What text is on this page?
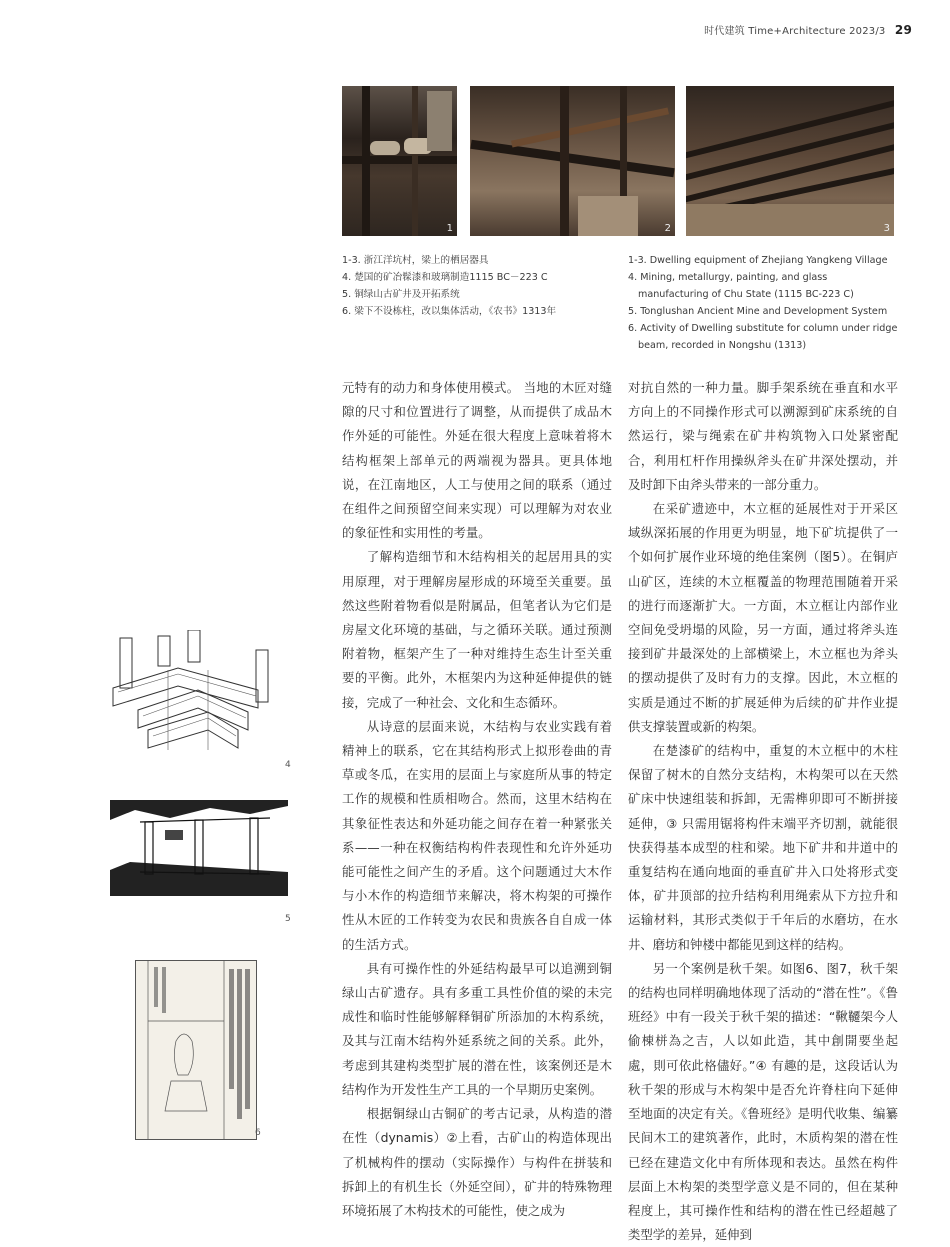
时代建筑 Time+Architecture 2023/3 29
1	2	3
1-3. 浙江洋坑村，梁上的栖居器具
4. 楚国的矿冶髹漆和玻璃制造1115 BC－223 C
5. 铜绿山古矿井及开拓系统
6. 梁下不设栋柱，改以集体活动，《农书》1313年
1-3. Dwelling equipment of Zhejiang Yangkeng Village
4. Mining, metallurgy, painting, and glass manufacturing of Chu State (1115 BC-223 C)
5. Tonglushan Ancient Mine and Development System
6. Activity of Dwelling substitute for column under ridge beam, recorded in Nongshu (1313)
4
5
6

元特有的动力和身体使用模式。 当地的木匠对缝隙的尺寸和位置进行了调整，从而提供了成品木作外延的可能性。外延在很大程度上意味着将木结构框架上部单元的两端视为器具。更具体地说，在江南地区，人工与使用之间的联系（通过在组件之间预留空间来实现）可以理解为对农业的象征性和实用性的考量。

了解构造细节和木结构相关的起居用具的实用原理，对于理解房屋形成的环境至关重要。虽然这些附着物看似是附属品，但笔者认为它们是房屋文化环境的基础，与之循环关联。通过预测附着物，框架产生了一种对维持生态生计至关重要的平衡。此外，木框架内为这种延伸提供的链接，完成了一种社会、文化和生态循环。

从诗意的层面来说，木结构与农业实践有着精神上的联系，它在其结构形式上拟形卷曲的青草或冬瓜，在实用的层面上与家庭所从事的特定工作的规模和性质相吻合。然而，这里木结构在其象征性表达和外延功能之间存在着一种紧张关系——一种在权衡结构构件表现性和允许外延功能可能性之间产生的矛盾。这个问题通过大木作与小木作的构造细节来解决，将木构架的可操作性从木匠的工作转变为农民和贵族各自自成一体的生活方式。

具有可操作性的外延结构最早可以追溯到铜绿山古矿遗存。具有多重工具性价值的梁的未完成性和临时性能够解释铜矿所添加的木构系统，及其与江南木结构外延系统之间的关系。此外，考虑到其建构类型扩展的潜在性，该案例还是木结构作为开发性生产工具的一个早期历史案例。

根据铜绿山古铜矿的考古记录，从构造的潜在性（dynamis）②上看，古矿山的构造体现出了机械构件的摆动（实际操作）与构件在拼装和拆卸上的有机生长（外延空间），矿井的特殊物理环境拓展了木构技术的可能性，使之成为

对抗自然的一种力量。脚手架系统在垂直和水平方向上的不同操作形式可以溯源到矿床系统的自然运行，梁与绳索在矿井构筑物入口处紧密配合，利用杠杆作用操纵斧头在矿井深处摆动，并及时卸下由斧头带来的一部分重力。

在采矿遗迹中，木立框的延展性对于开采区域纵深拓展的作用更为明显，地下矿坑提供了一个如何扩展作业环境的绝佳案例（图5）。在铜庐山矿区，连续的木立框覆盖的物理范围随着开采的进行而逐渐扩大。一方面，木立框让内部作业空间免受坍塌的风险，另一方面，通过将斧头连接到矿井最深处的上部横梁上，木立框也为斧头的摆动提供了及时有力的支撑。因此，木立框的实质是通过不断的扩展延伸为后续的矿井作业提供支撑装置或新的构架。

在楚漆矿的结构中，重复的木立框中的木柱保留了树木的自然分支结构，木构架可以在天然矿床中快速组装和拆卸，无需榫卯即可不断拼接延伸，③ 只需用锯将构件末端平齐切割，就能很快获得基本成型的柱和梁。地下矿井和井道中的重复结构在通向地面的垂直矿井入口处将形式变体，矿井顶部的拉升结构利用绳索从下方拉升和运输材料，其形式类似于千年后的水磨坊，在水井、磨坊和钟楼中都能见到这样的结构。

另一个案例是秋千架。如图6、图7，秋千架的结构也同样明确地体现了活动的“潜在性”。《鲁班经》中有一段关于秋千架的描述：“鞦韆架今人偷棟栟為之吉，人以如此造，其中創開要坐起處，則可依此格儘好。”④ 有趣的是，这段话认为秋千架的形成与木构架中是否允许脊柱向下延伸至地面的决定有关。《鲁班经》是明代收集、编纂民间木工的建筑著作，此时，木质构架的潜在性已经在建造文化中有所体现和表达。虽然在构件层面上木构架的类型学意义是不同的，但在某种程度上，其可操作性和结构的潜在性已经超越了类型学的差异，延伸到
